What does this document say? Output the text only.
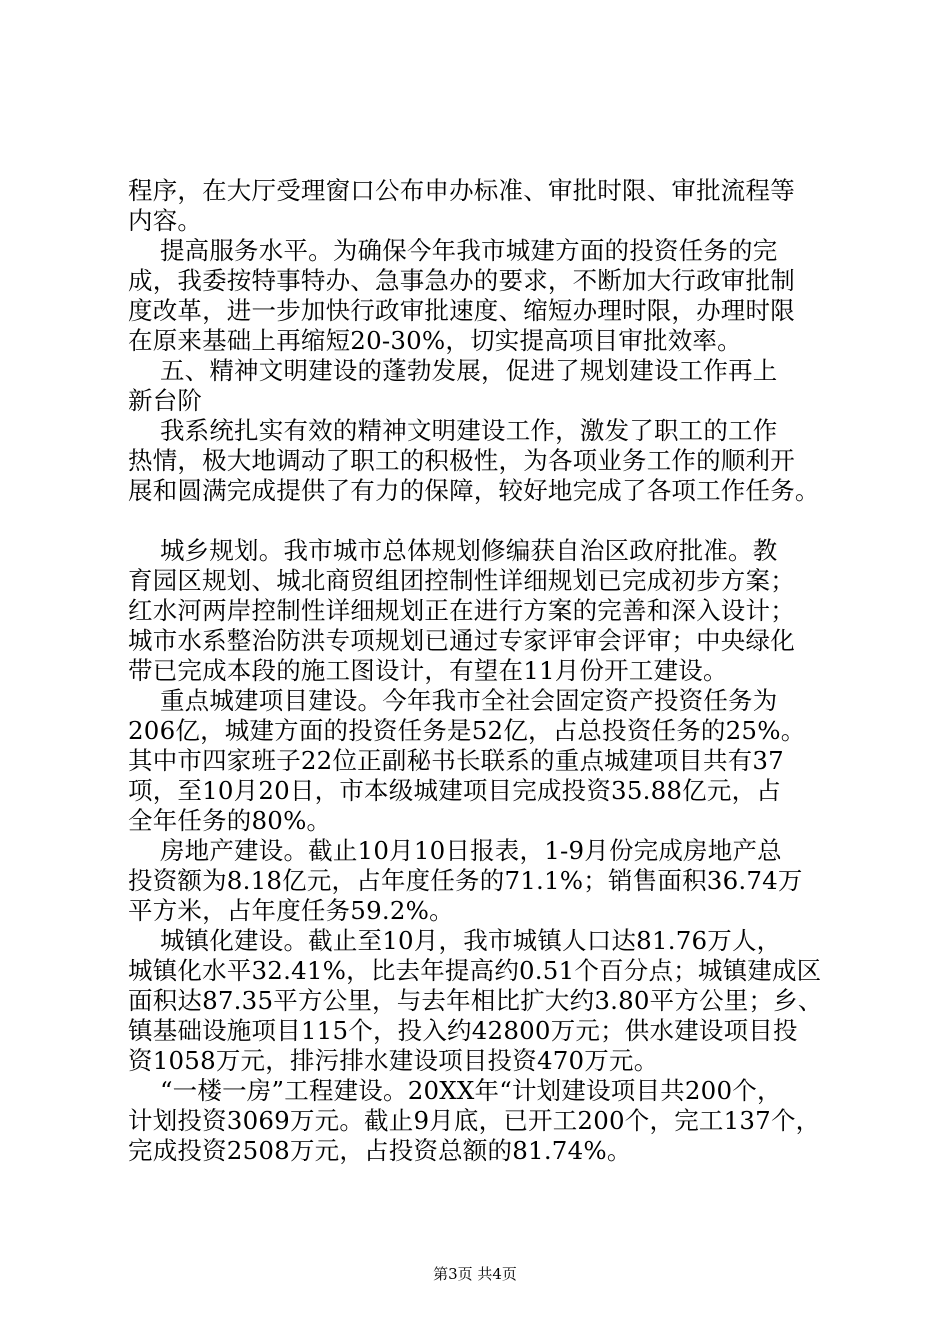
程序，在大厅受理窗口公布申办标准、审批时限、审批流程等
内容。
提高服务水平。为确保今年我市城建方面的投资任务的完
成，我委按特事特办、急事急办的要求，不断加大行政审批制
度改革，进一步加快行政审批速度、缩短办理时限，办理时限
在原来基础上再缩短20-30%，切实提高项目审批效率。
五、精神文明建设的蓬勃发展，促进了规划建设工作再上
新台阶
我系统扎实有效的精神文明建设工作，激发了职工的工作
热情，极大地调动了职工的积极性，为各项业务工作的顺利开
展和圆满完成提供了有力的保障，较好地完成了各项工作任务。
城乡规划。我市城市总体规划修编获自治区政府批准。教
育园区规划、城北商贸组团控制性详细规划已完成初步方案；
红水河两岸控制性详细规划正在进行方案的完善和深入设计；
城市水系整治防洪专项规划已通过专家评审会评审；中央绿化
带已完成本段的施工图设计，有望在11月份开工建设。
重点城建项目建设。今年我市全社会固定资产投资任务为
206亿，城建方面的投资任务是52亿，占总投资任务的25%。
其中市四家班子22位正副秘书长联系的重点城建项目共有37
项，至10月20日，市本级城建项目完成投资35.88亿元，占
全年任务的80%。
房地产建设。截止10月10日报表，1-9月份完成房地产总
投资额为8.18亿元，占年度任务的71.1%；销售面积36.74万
平方米，占年度任务59.2%。
城镇化建设。截止至10月，我市城镇人口达81.76万人，
城镇化水平32.41%，比去年提高约0.51个百分点；城镇建成区
面积达87.35平方公里，与去年相比扩大约3.80平方公里；乡、
镇基础设施项目115个，投入约42800万元；供水建设项目投
资1058万元，排污排水建设项目投资470万元。
“一楼一房”工程建设。20XX年“计划建设项目共200个，
计划投资3069万元。截止9月底，已开工200个，完工137个，
完成投资2508万元，占投资总额的81.74%。
第3页 共4页
